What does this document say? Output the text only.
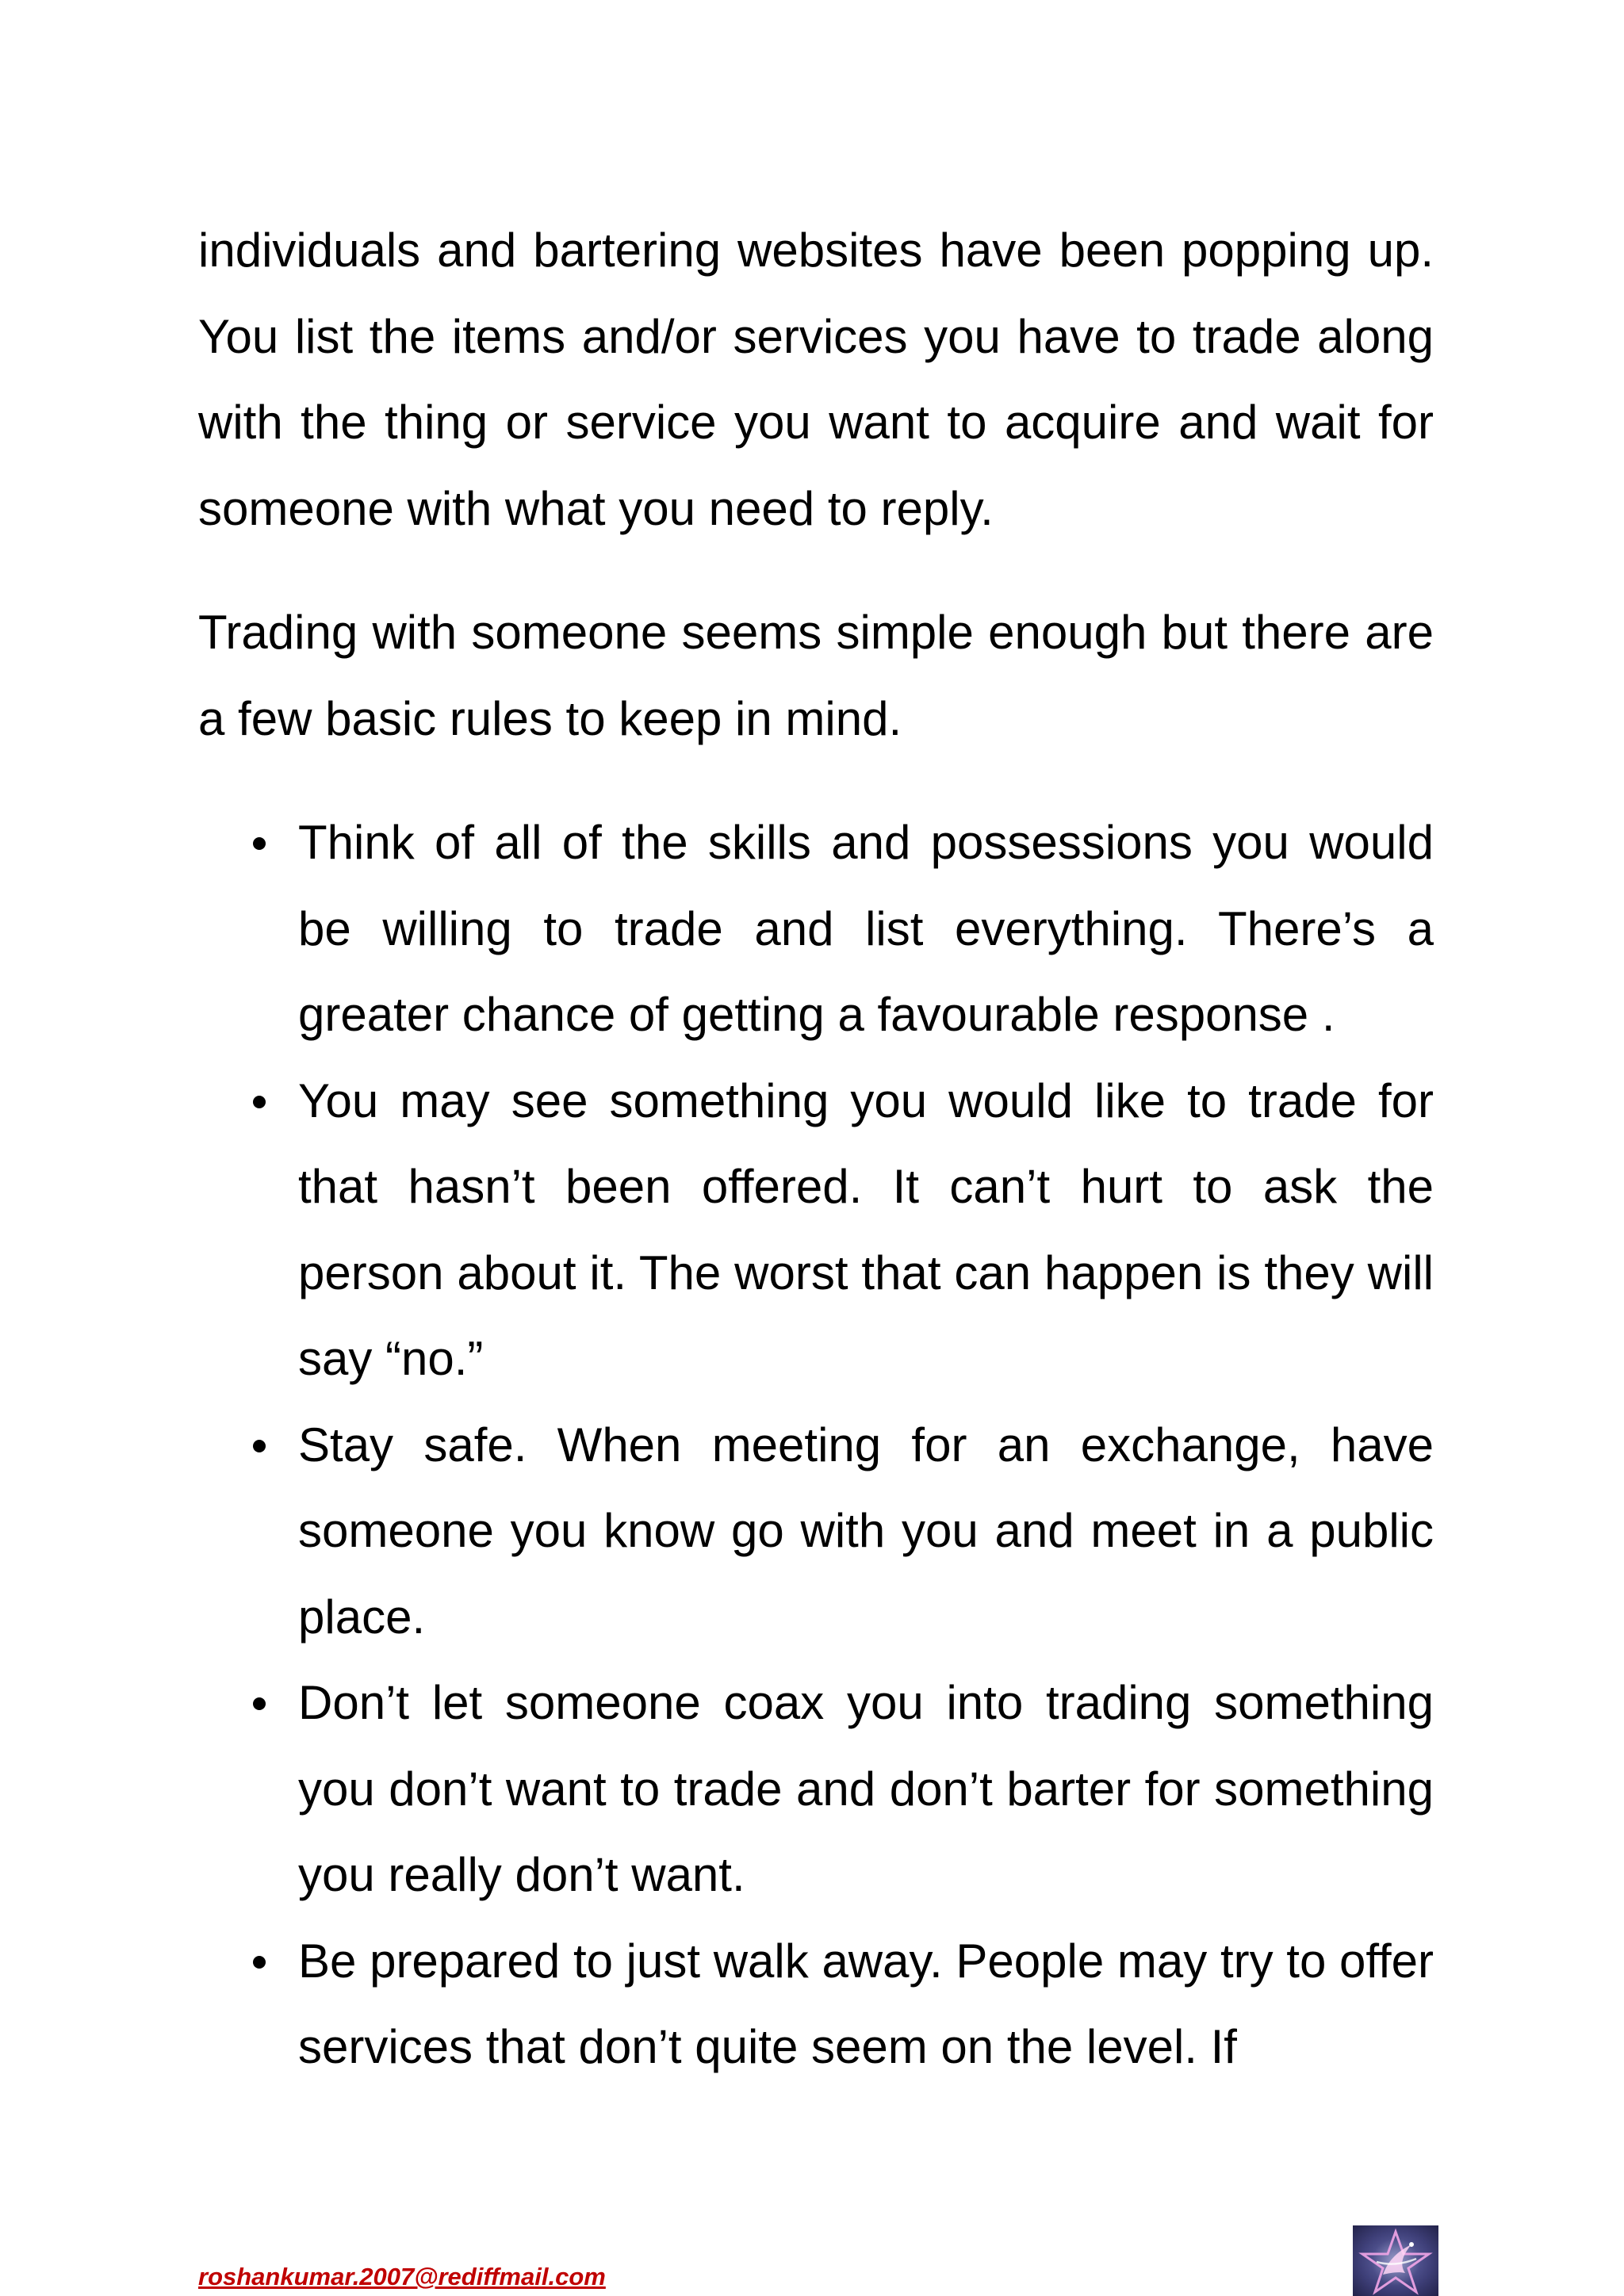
individuals and bartering websites have been popping up. You list the items and/or services you have to trade along with the thing or service you want to acquire and wait for someone with what you need to reply.

Trading with someone seems simple enough but there are a few basic rules to keep in mind.

Think of all of the skills and possessions you would be willing to trade and list everything. There’s a greater chance of getting a favourable response .
You may see something you would like to trade for that hasn’t been offered. It can’t hurt to ask the person about it. The worst that can happen is they will say “no.”
Stay safe. When meeting for an exchange, have someone you know go with you and meet in a public place.
Don’t let someone coax you into trading something you don’t want to trade and don’t barter for something you really don’t want.
Be prepared to just walk away. People may try to offer services that don’t quite seem on the level. If
roshankumar.2007@rediffmail.com
